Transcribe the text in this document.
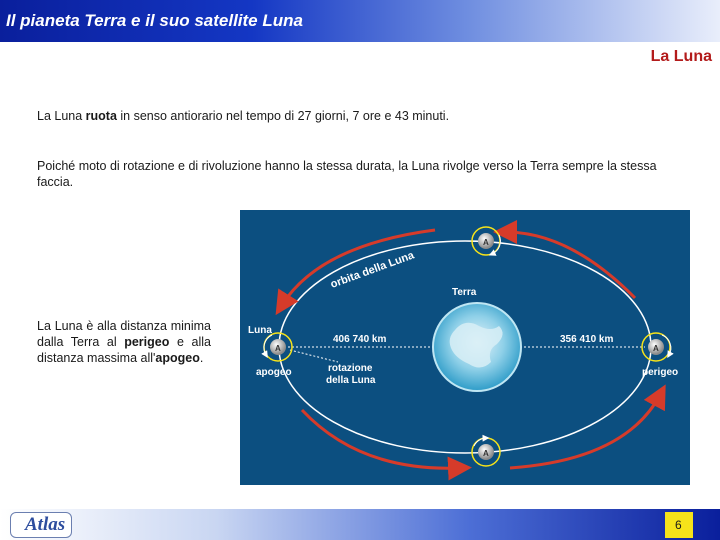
Il pianeta Terra e il suo satellite Luna
La Luna

La Luna ruota in senso antiorario nel tempo di 27 giorni, 7 ore e 43 minuti.

Poiché moto di rotazione e di rivoluzione hanno la stessa durata, la Luna rivolge verso la Terra sempre la stessa faccia.

La Luna è alla distanza minima dalla Terra al perigeo e alla distanza massima all'apogeo.

orbita della Luna
Terra
406 740 km	356 410 km
Luna
apogeo	perigeo
rotazione
della Luna
A
A	A
A
Atlas	6
